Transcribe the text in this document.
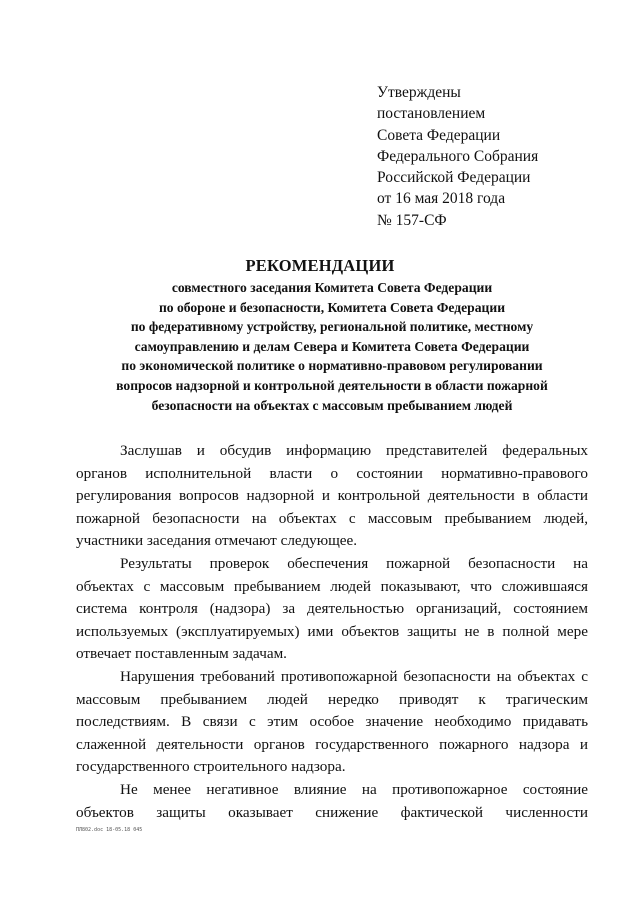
Утверждены
постановлением
Совета Федерации
Федерального Собрания
Российской Федерации
от 16 мая 2018 года
№ 157-СФ
РЕКОМЕНДАЦИИ
совместного заседания Комитета Совета Федерации
по обороне и безопасности, Комитета Совета Федерации
по федеративному устройству, региональной политике, местному
самоуправлению и делам Севера и Комитета Совета Федерации
по экономической политике о нормативно-правовом регулировании
вопросов надзорной и контрольной деятельности в области пожарной
безопасности на объектах с массовым пребыванием людей
Заслушав и обсудив информацию представителей федеральных
органов исполнительной власти о состоянии нормативно-правового
регулирования вопросов надзорной и контрольной деятельности в области
пожарной безопасности на объектах с массовым пребыванием людей,
участники заседания отмечают следующее.
Результаты проверок обеспечения пожарной безопасности на
объектах с массовым пребыванием людей показывают, что сложившаяся
система контроля (надзора) за деятельностью организаций, состоянием
используемых (эксплуатируемых) ими объектов защиты не в полной мере
отвечает поставленным задачам.
Нарушения требований противопожарной безопасности на объектах с
массовым пребыванием людей нередко приводят к трагическим
последствиям. В связи с этим особое значение необходимо придавать
слаженной деятельности органов государственного пожарного надзора и
государственного строительного надзора.
Не менее негативное влияние на противопожарное состояние
объектов защиты оказывает снижение фактической численности
ПЛ802.doc 18-05.18 045
